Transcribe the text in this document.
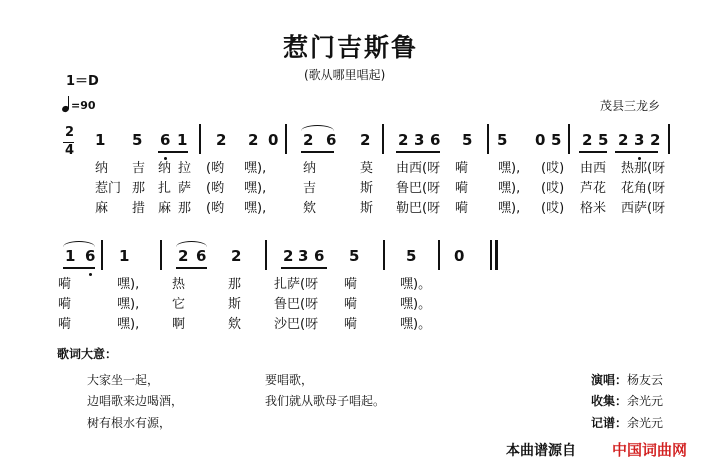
惹门吉斯鲁
(歌从哪里唱起)
1＝D
=90	茂县三龙乡
2
4
1 5 6 1 2 2 0 2 6 2 2 3 6 5 5 0 5 2 5 2 3 2
1 6 1	2 6 2	2 3 6 5	5	0
纳 吉 纳 拉 (哟 嘿),	纳	莫 由西(呀 嗬 嘿), (哎) 由西 热那(呀
惹门 那 扎 萨 (哟 嘿),	吉	斯 鲁巴(呀 嗬 嘿), (哎) 芦花 花角(呀
麻 措 麻 那 (哟 嘿),	欸	斯 勒巴(呀 嗬 嘿), (哎) 格米 西萨(呀
嗬	嘿),	热	那	扎萨(呀 嗬	嘿)。
嗬	嘿),	它	斯	鲁巴(呀 嗬	嘿)。
嗬	嘿),	啊	欸	沙巴(呀 嗬	嘿)。
歌词大意：
大家坐一起，
边唱歌来边喝酒，
树有根水有源，
要唱歌，
我们就从歌母子唱起。
演唱：杨友云
收集：余光元
记谱：余光元
本曲谱源自 中国词曲网
